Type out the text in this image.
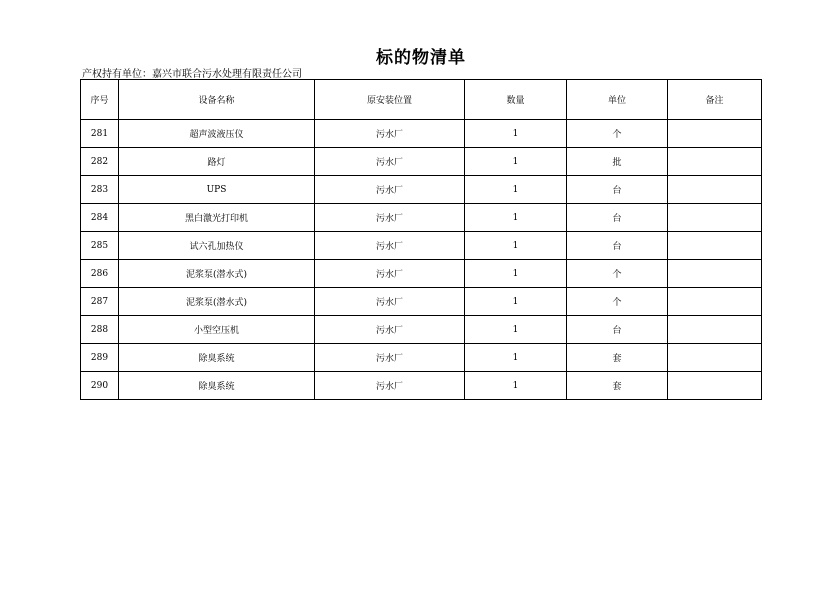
标的物清单
产权持有单位：嘉兴市联合污水处理有限责任公司
序号	设备名称	原安装位置	数量	单位	备注
281	超声波液压仪	污水厂	1	个	
282	路灯	污水厂	1	批	
283	UPS	污水厂	1	台	
284	黑白激光打印机	污水厂	1	台	
285	试六孔加热仪	污水厂	1	台	
286	泥浆泵(潜水式)	污水厂	1	个	
287	泥浆泵(潜水式)	污水厂	1	个	
288	小型空压机	污水厂	1	台	
289	除臭系统	污水厂	1	套	
290	除臭系统	污水厂	1	套	
